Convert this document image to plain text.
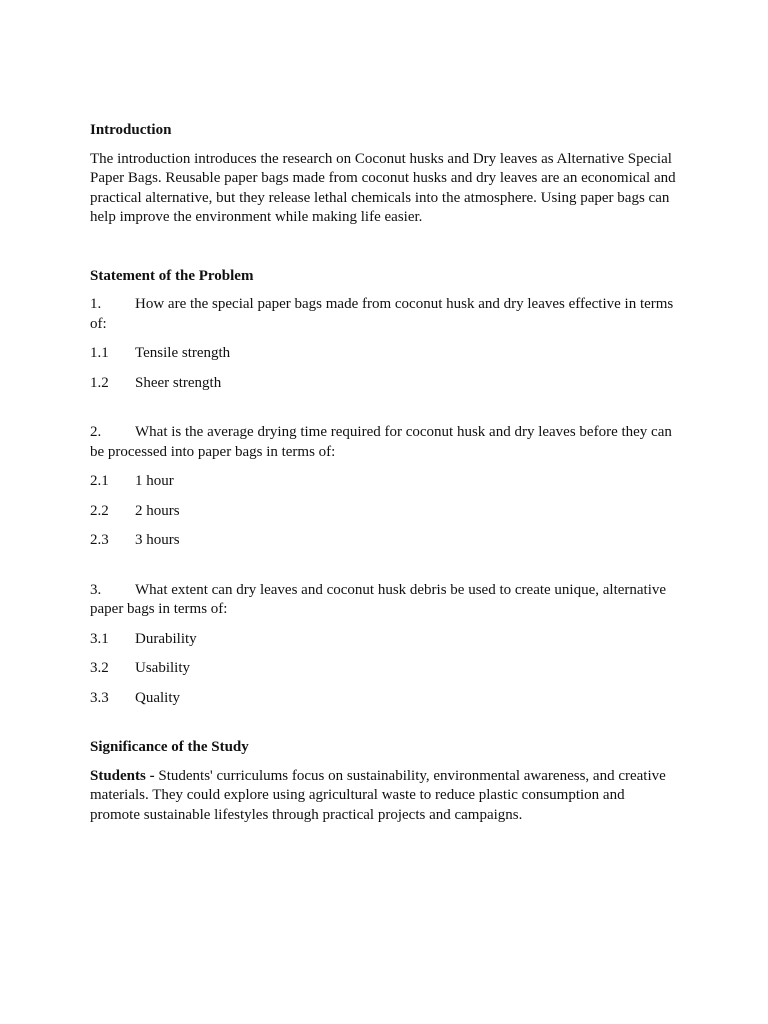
Introduction

The introduction introduces the research on Coconut husks and Dry leaves as Alternative Special Paper Bags. Reusable paper bags made from coconut husks and dry leaves are an economical and practical alternative, but they release lethal chemicals into the atmosphere. Using paper bags can help improve the environment while making life easier.

Statement of the Problem

1. How are the special paper bags made from coconut husk and dry leaves effective in terms of:

1.1 Tensile strength

1.2 Sheer strength

2. What is the average drying time required for coconut husk and dry leaves before they can be processed into paper bags in terms of:

2.1 1 hour

2.2 2 hours

2.3 3 hours

3. What extent can dry leaves and coconut husk debris be used to create unique, alternative paper bags in terms of:

3.1 Durability

3.2 Usability

3.3 Quality

Significance of the Study

Students - Students' curriculums focus on sustainability, environmental awareness, and creative materials. They could explore using agricultural waste to reduce plastic consumption and promote sustainable lifestyles through practical projects and campaigns.
